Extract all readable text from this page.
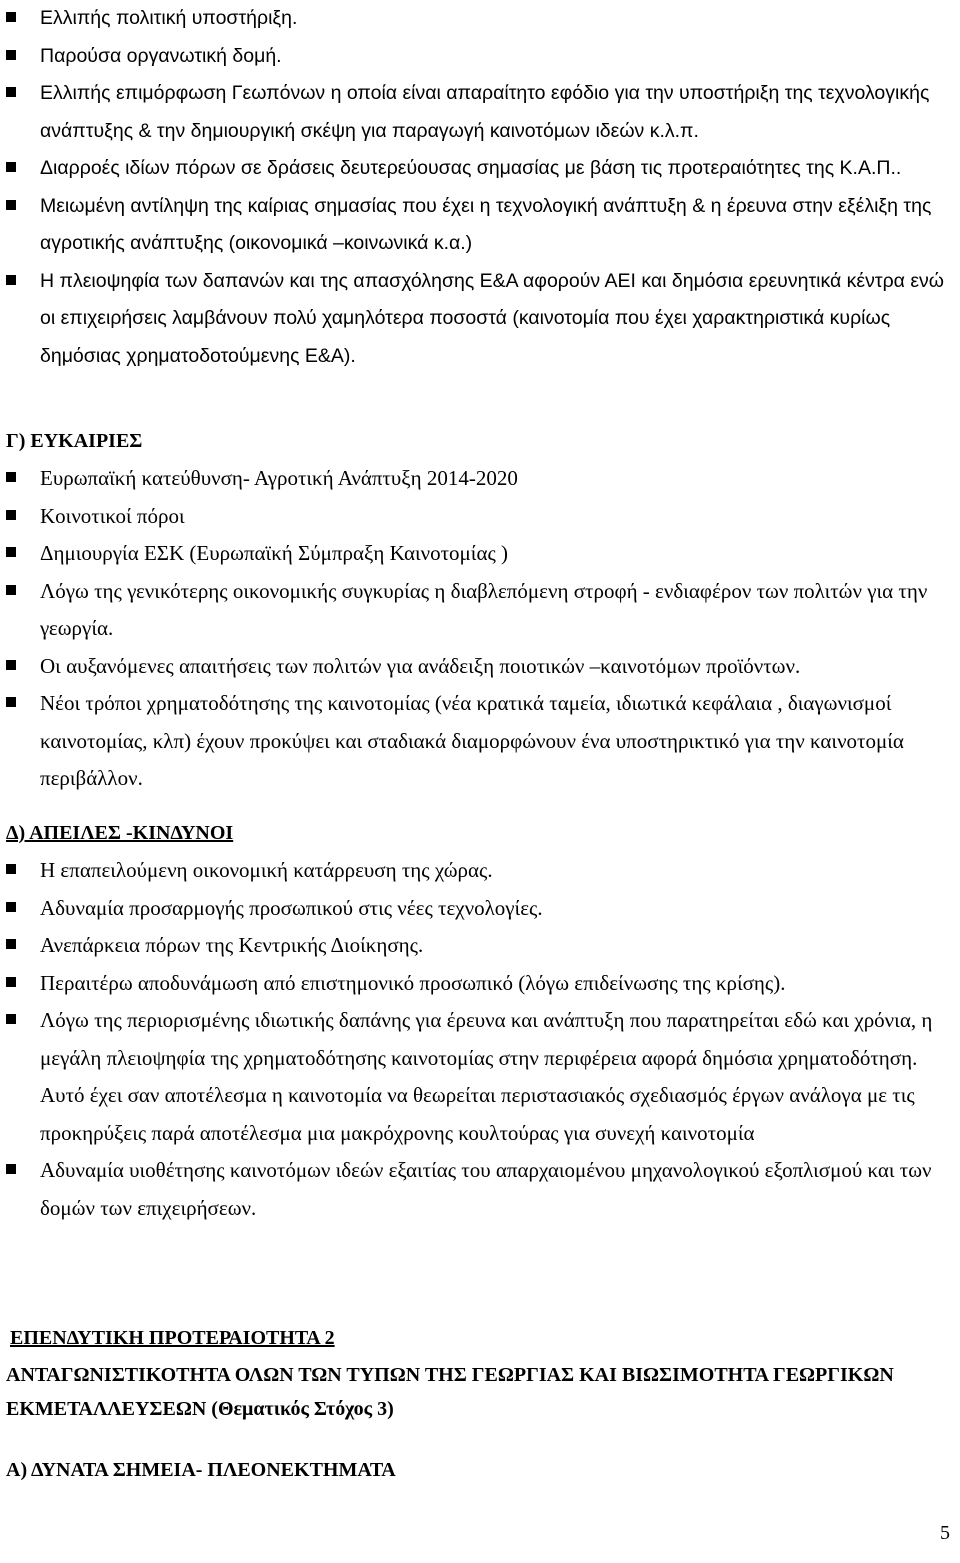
Ελλιπής πολιτική υποστήριξη.
Παρούσα οργανωτική δομή.
Ελλιπής επιμόρφωση Γεωπόνων η οποία είναι απαραίτητο εφόδιο για την υποστήριξη της τεχνολογικής ανάπτυξης & την δημιουργική σκέψη για παραγωγή καινοτόμων ιδεών κ.λ.π.
Διαρροές ιδίων πόρων σε δράσεις δευτερεύουσας σημασίας με βάση τις προτεραιότητες της Κ.Α.Π..
Μειωμένη αντίληψη της καίριας σημασίας που έχει η τεχνολογική ανάπτυξη & η έρευνα στην εξέλιξη της αγροτικής ανάπτυξης (οικονομικά –κοινωνικά κ.α.)
Η πλειοψηφία των δαπανών και της απασχόλησης Ε&Α αφορούν ΑΕΙ και δημόσια ερευνητικά κέντρα ενώ οι επιχειρήσεις λαμβάνουν πολύ χαμηλότερα ποσοστά (καινοτομία που έχει χαρακτηριστικά κυρίως δημόσιας χρηματοδοτούμενης Ε&Α).
Γ) ΕΥΚΑΙΡΙΕΣ
Ευρωπαϊκή κατεύθυνση- Αγροτική Ανάπτυξη 2014-2020
Κοινοτικοί πόροι
Δημιουργία ΕΣΚ (Ευρωπαϊκή Σύμπραξη Καινοτομίας )
Λόγω της γενικότερης οικονομικής συγκυρίας η διαβλεπόμενη στροφή - ενδιαφέρον των πολιτών για την γεωργία.
Οι αυξανόμενες απαιτήσεις των πολιτών για ανάδειξη ποιοτικών –καινοτόμων προϊόντων.
Νέοι τρόποι χρηματοδότησης της καινοτομίας (νέα κρατικά ταμεία, ιδιωτικά κεφάλαια , διαγωνισμοί καινοτομίας, κλπ) έχουν προκύψει και σταδιακά διαμορφώνουν ένα υποστηρικτικό για την καινοτομία περιβάλλον.
Δ) ΑΠΕΙΛΕΣ -ΚΙΝΔΥΝΟΙ
Η επαπειλούμενη οικονομική κατάρρευση της χώρας.
Αδυναμία προσαρμογής προσωπικού στις νέες τεχνολογίες.
Ανεπάρκεια πόρων της Κεντρικής Διοίκησης.
Περαιτέρω αποδυνάμωση από επιστημονικό προσωπικό (λόγω επιδείνωσης της κρίσης).
Λόγω της περιορισμένης ιδιωτικής δαπάνης για έρευνα και ανάπτυξη που παρατηρείται εδώ και χρόνια, η μεγάλη πλειοψηφία της χρηματοδότησης καινοτομίας στην περιφέρεια αφορά δημόσια χρηματοδότηση. Αυτό έχει σαν αποτέλεσμα η καινοτομία να θεωρείται περιστασιακός σχεδιασμός έργων ανάλογα με τις προκηρύξεις παρά αποτέλεσμα μια μακρόχρονης κουλτούρας για συνεχή καινοτομία
Αδυναμία υιοθέτησης καινοτόμων ιδεών εξαιτίας του απαρχαιομένου μηχανολογικού εξοπλισμού και των δομών των επιχειρήσεων.
ΕΠΕΝΔΥΤΙΚΗ ΠΡΟΤΕΡΑΙΟΤΗΤΑ 2
ΑΝΤΑΓΩΝΙΣΤΙΚΟΤΗΤΑ ΟΛΩΝ ΤΩΝ ΤΥΠΩΝ ΤΗΣ ΓΕΩΡΓΙΑΣ ΚΑΙ ΒΙΩΣΙΜΟΤΗΤΑ ΓΕΩΡΓΙΚΩΝ ΕΚΜΕΤΑΛΛΕΥΣΕΩΝ (Θεματικός Στόχος 3)
Α) ΔΥΝΑΤΑ ΣΗΜΕΙΑ- ΠΛΕΟΝΕΚΤΗΜΑΤΑ
5
